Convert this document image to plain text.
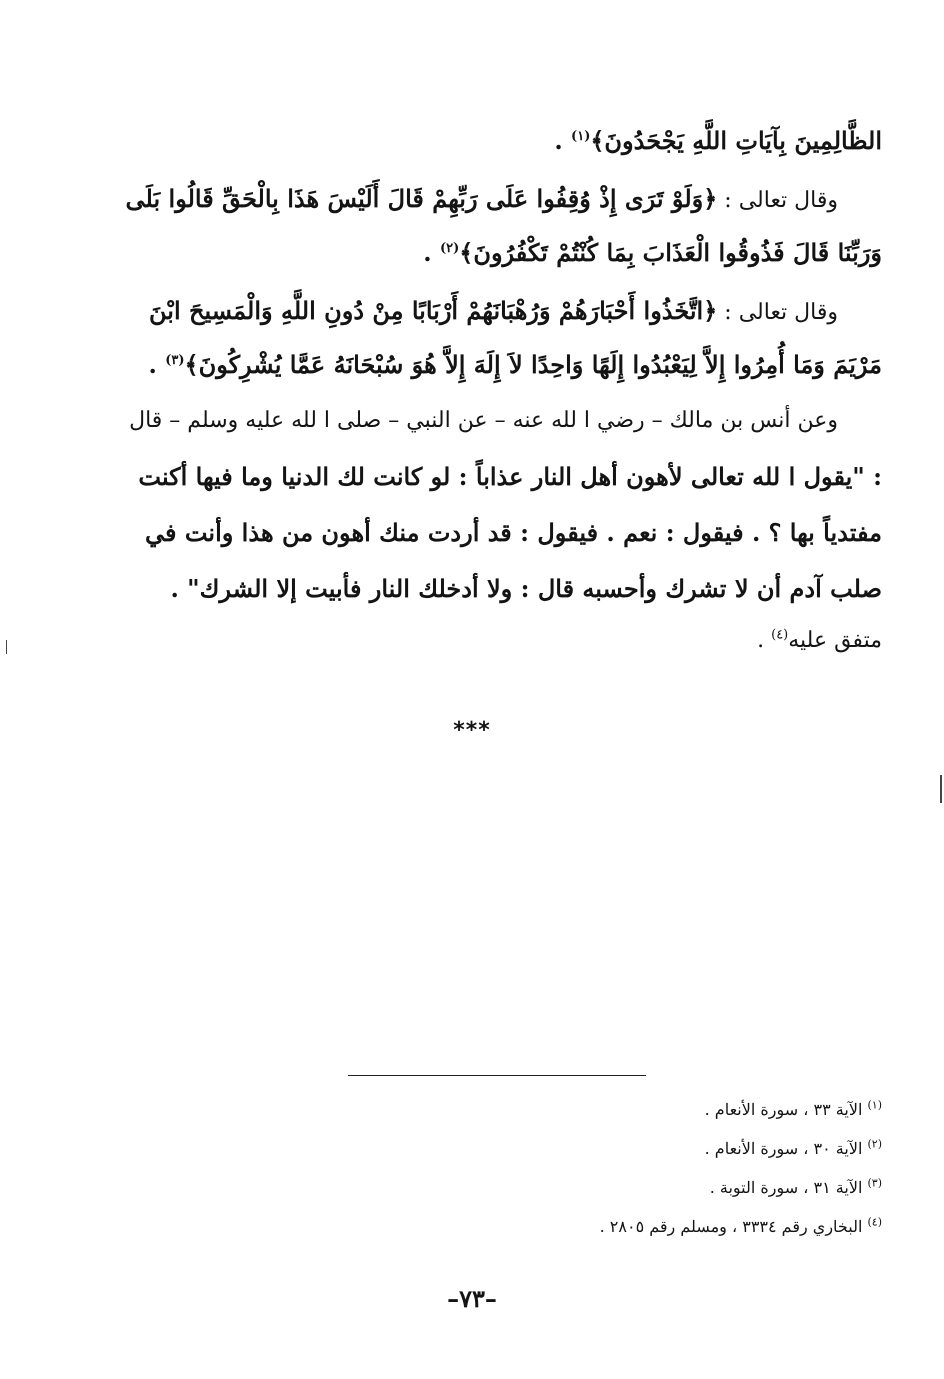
الظَّالِمِينَ بِآيَاتِ اللَّهِ يَجْحَدُونَ﴾$^{(١)}$ .
وقال تعالى : ﴿وَلَوْ تَرَى إِذْ وُقِفُوا عَلَى رَبِّهِمْ قَالَ أَلَيْسَ هَذَا بِالْحَقِّ قَالُوا بَلَى
وَرَبِّنَا قَالَ فَذُوقُوا الْعَذَابَ بِمَا كُنْتُمْ تَكْفُرُونَ﴾$^{(٢)}$ .
وقال تعالى : ﴿اتَّخَذُوا أَحْبَارَهُمْ وَرُهْبَانَهُمْ أَرْبَابًا مِنْ دُونِ اللَّهِ وَالْمَسِيحَ ابْنَ
مَرْيَمَ وَمَا أُمِرُوا إِلاَّ لِيَعْبُدُوا إِلَهًا وَاحِدًا لاَ إِلَهَ إِلاَّ هُوَ سُبْحَانَهُ عَمَّا يُشْرِكُونَ﴾$^{(٣)}$ .
وعن أنس بن مالك – رضي ا لله عنه – عن النبي – صلى ا لله عليه وسلم – قال
: "يقول ا لله تعالى لأهون أهل النار عذاباً : لو كانت لك الدنيا وما فيها أكنت
مفتدياً بها ؟ . فيقول : نعم . فيقول : قد أردت منك أهون من هذا وأنت في
صلب آدم أن لا تشرك وأحسبه قال : ولا أدخلك النار فأبيت إلا الشرك" .
متفق عليه$^{(٤)}$ .
***
$^{(١)}$ الآية ٣٣ ، سورة الأنعام .
$^{(٢)}$ الآية ٣٠ ، سورة الأنعام .
$^{(٣)}$ الآية ٣١ ، سورة التوبة .
$^{(٤)}$ البخاري رقم ٣٣٣٤ ، ومسلم رقم ٢٨٠٥ .
–٧٣–
